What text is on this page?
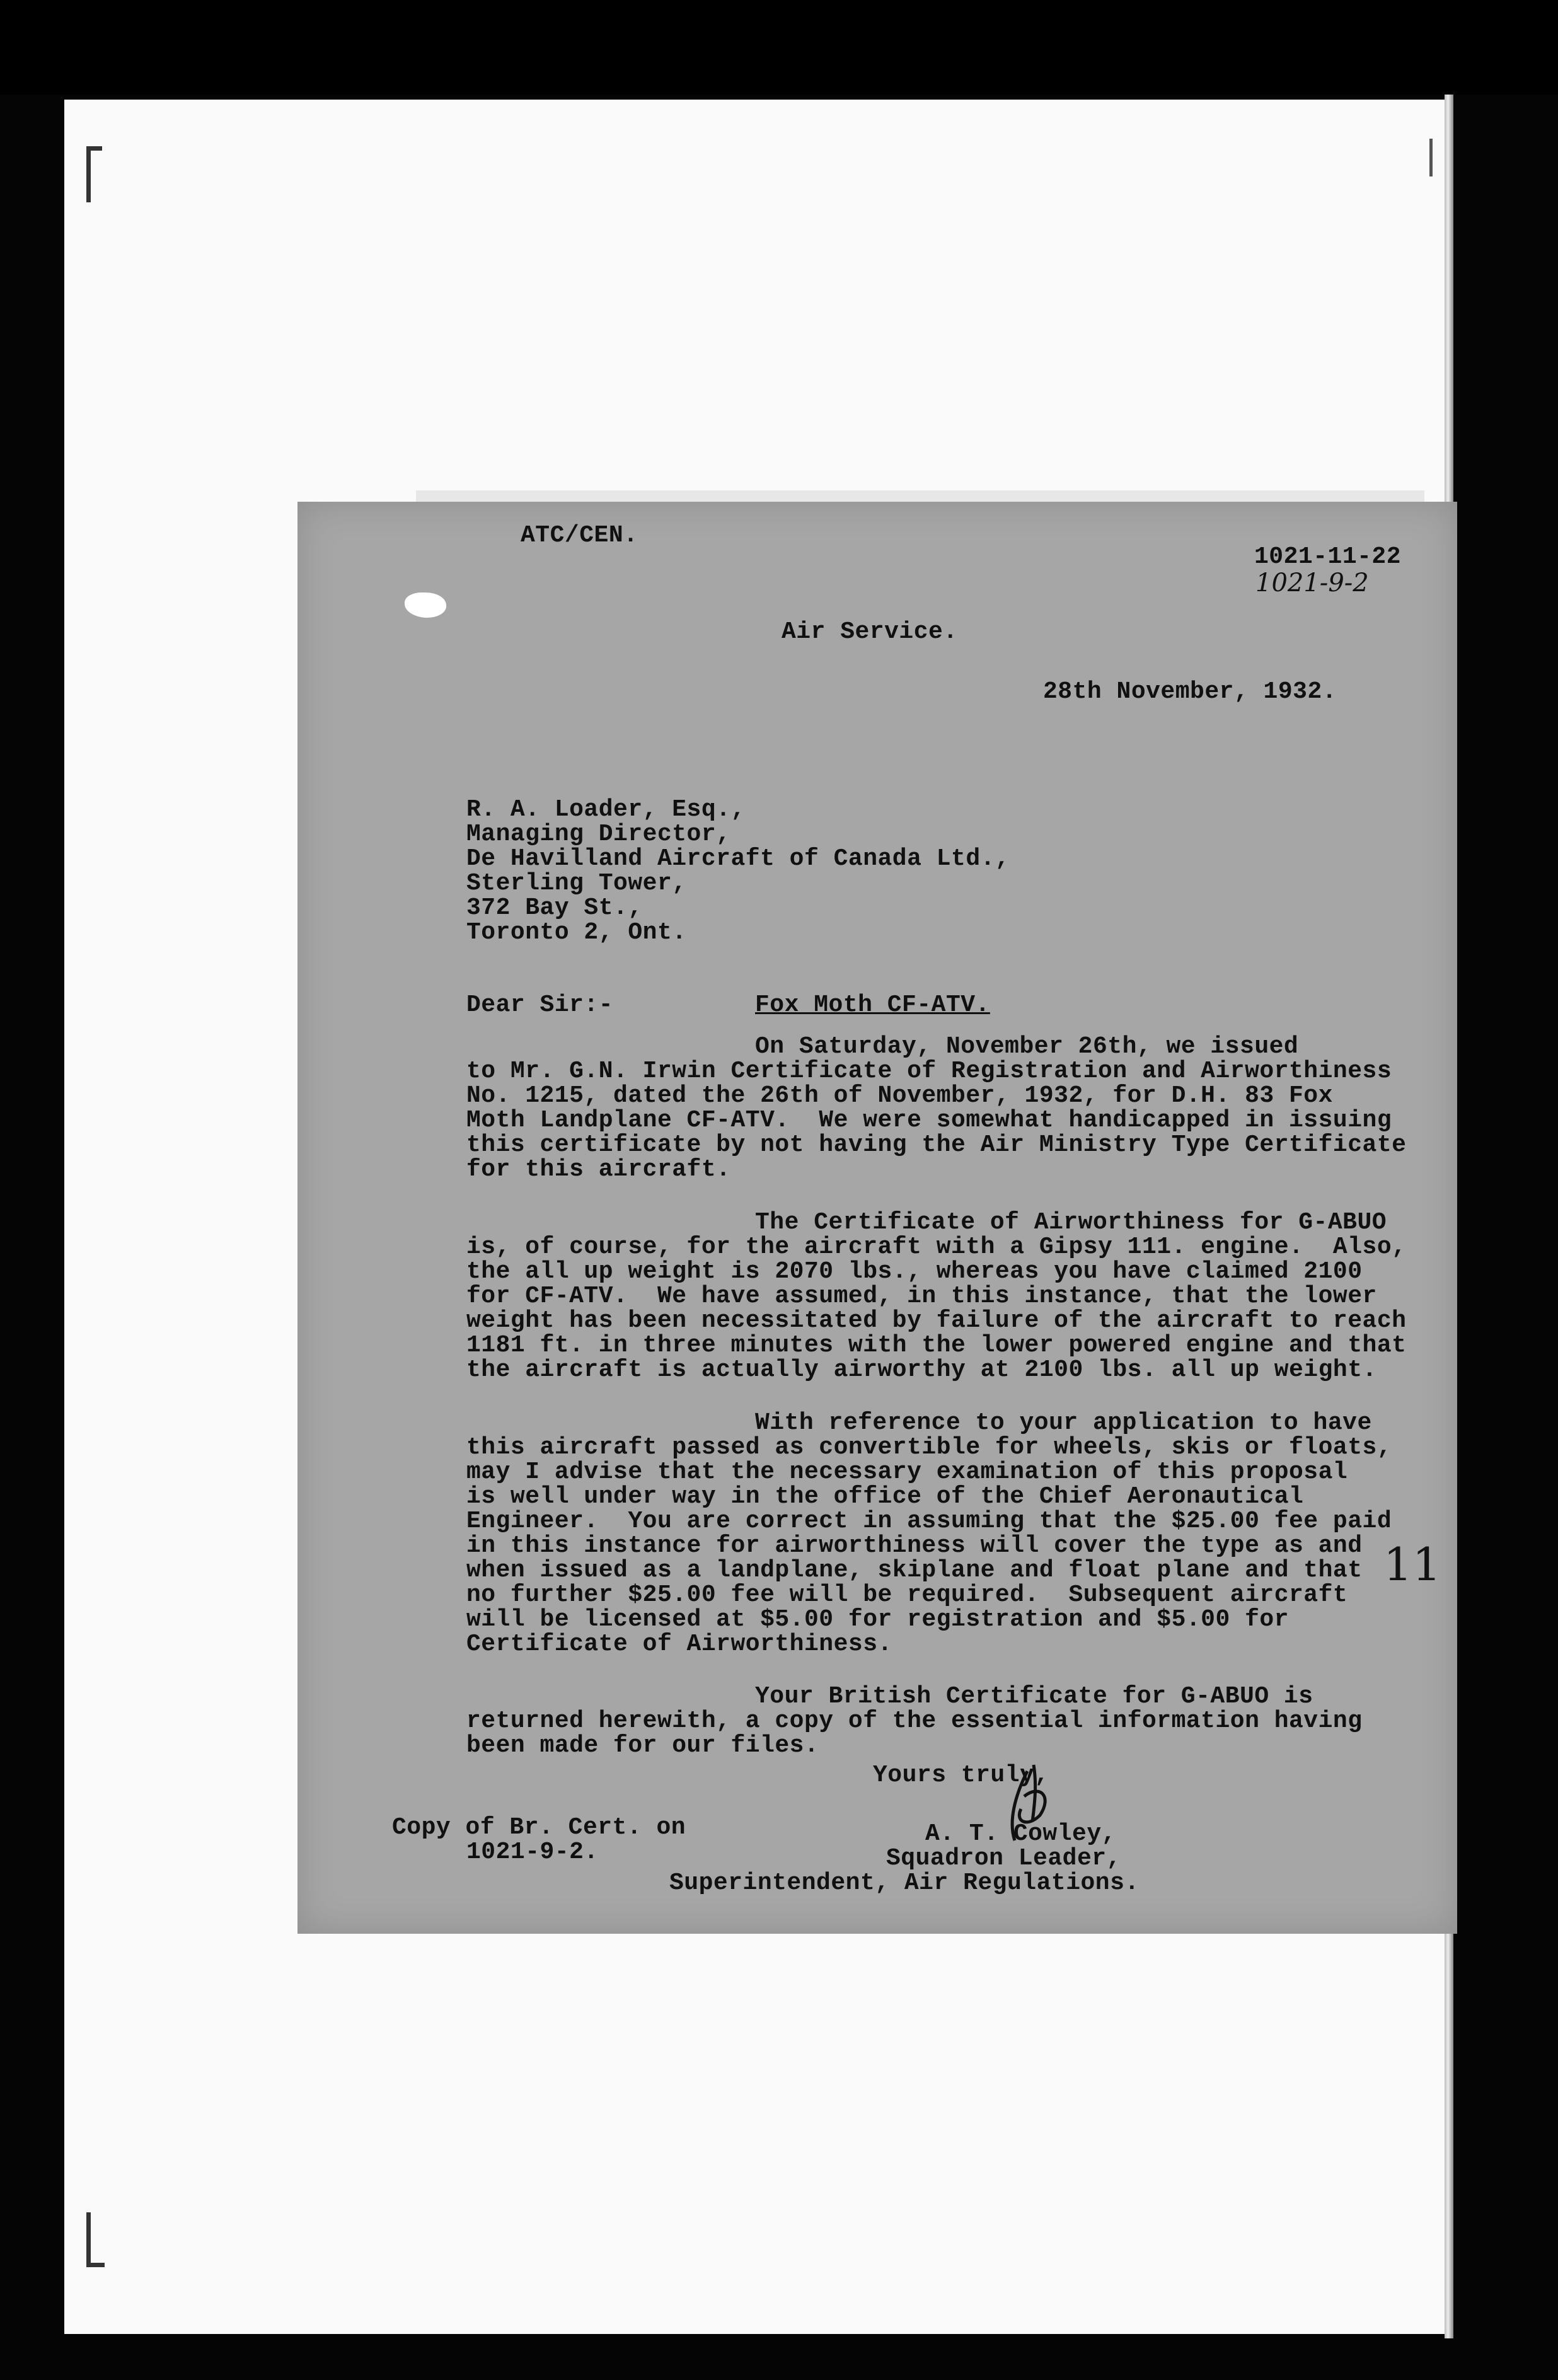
ATC/CEN.
1021-11-22
1021-9-2
Air Service.
28th November, 1932.
R. A. Loader, Esq.,
Managing Director,
De Havilland Aircraft of Canada Ltd.,
Sterling Tower,
372 Bay St.,
Toronto 2, Ont.
Dear Sir:-	Fox Moth CF-ATV.
On Saturday, November 26th, we issued
to Mr. G.N. Irwin Certificate of Registration and Airworthiness
No. 1215, dated the 26th of November, 1932, for D.H. 83 Fox
Moth Landplane CF-ATV.  We were somewhat handicapped in issuing
this certificate by not having the Air Ministry Type Certificate
for this aircraft.
The Certificate of Airworthiness for G-ABUO
is, of course, for the aircraft with a Gipsy 111. engine.  Also,
the all up weight is 2070 lbs., whereas you have claimed 2100
for CF-ATV.  We have assumed, in this instance, that the lower
weight has been necessitated by failure of the aircraft to reach
1181 ft. in three minutes with the lower powered engine and that
the aircraft is actually airworthy at 2100 lbs. all up weight.
With reference to your application to have
this aircraft passed as convertible for wheels, skis or floats,
may I advise that the necessary examination of this proposal
is well under way in the office of the Chief Aeronautical
Engineer.  You are correct in assuming that the $25.00 fee paid
in this instance for airworthiness will cover the type as and
when issued as a landplane, skiplane and float plane and that
no further $25.00 fee will be required.  Subsequent aircraft
will be licensed at $5.00 for registration and $5.00 for
Certificate of Airworthiness.
11
Your British Certificate for G-ABUO is
returned herewith, a copy of the essential information having
been made for our files.
Yours truly,
A. T. Cowley,
Squadron Leader,
Superintendent, Air Regulations.
Copy of Br. Cert. on
1021-9-2.
